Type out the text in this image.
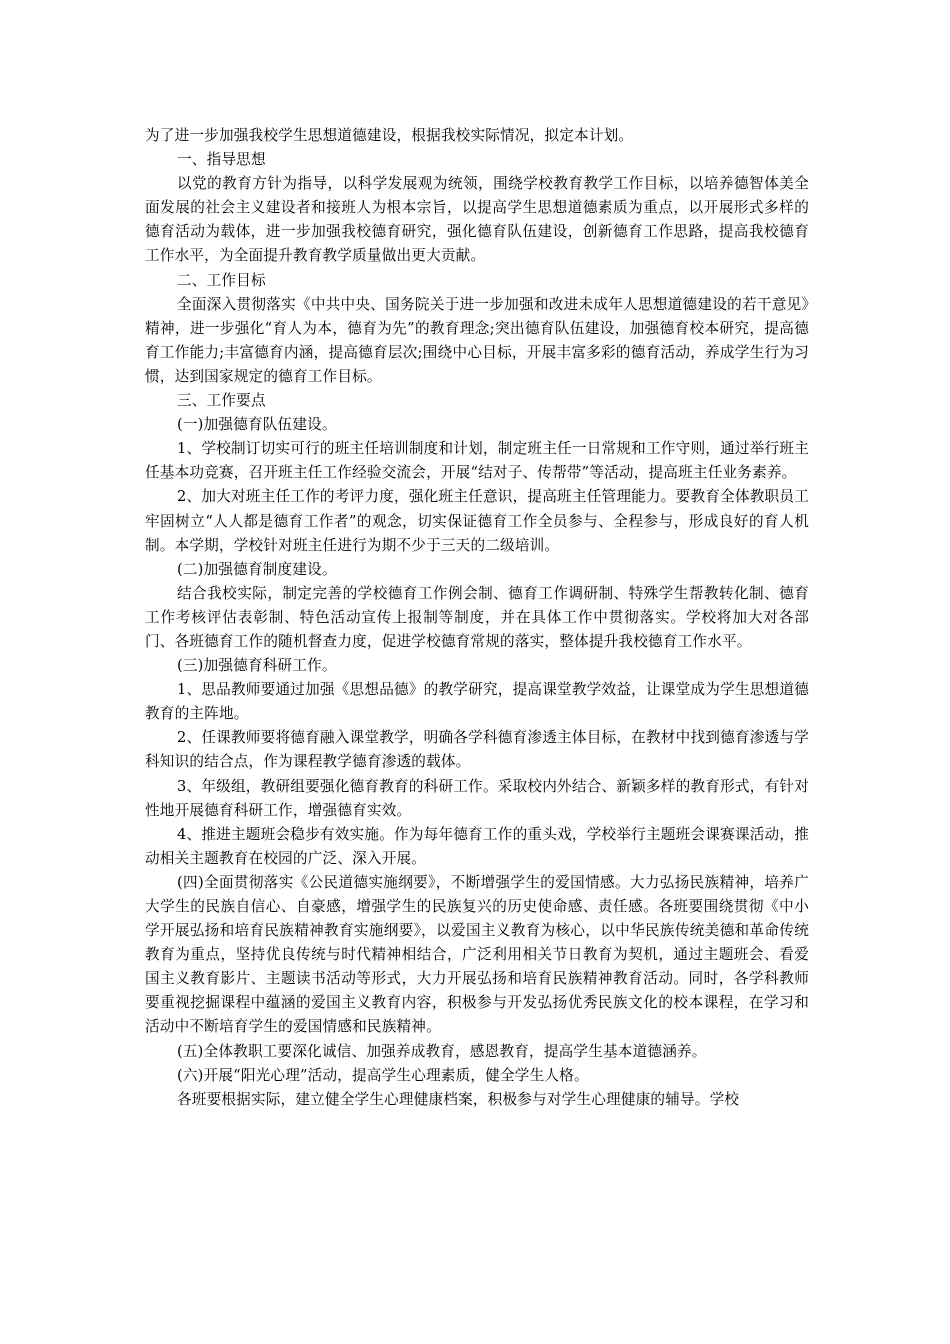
为了进一步加强我校学生思想道德建设，根据我校实际情况，拟定本计划。

一、指导思想

以党的教育方针为指导，以科学发展观为统领，围绕学校教育教学工作目标，以培养德智体美全面发展的社会主义建设者和接班人为根本宗旨，以提高学生思想道德素质为重点，以开展形式多样的德育活动为载体，进一步加强我校德育研究，强化德育队伍建设，创新德育工作思路，提高我校德育工作水平，为全面提升教育教学质量做出更大贡献。

二、工作目标

全面深入贯彻落实《中共中央、国务院关于进一步加强和改进未成年人思想道德建设的若干意见》精神，进一步强化“育人为本，德育为先”的教育理念;突出德育队伍建设，加强德育校本研究，提高德育工作能力;丰富德育内涵，提高德育层次;围绕中心目标，开展丰富多彩的德育活动，养成学生行为习惯，达到国家规定的德育工作目标。

三、工作要点

(一)加强德育队伍建设。

1、学校制订切实可行的班主任培训制度和计划，制定班主任一日常规和工作守则，通过举行班主任基本功竞赛，召开班主任工作经验交流会，开展“结对子、传帮带”等活动，提高班主任业务素养。

2、加大对班主任工作的考评力度，强化班主任意识，提高班主任管理能力。要教育全体教职员工牢固树立“人人都是德育工作者”的观念，切实保证德育工作全员参与、全程参与，形成良好的育人机制。本学期，学校针对班主任进行为期不少于三天的二级培训。

(二)加强德育制度建设。

结合我校实际，制定完善的学校德育工作例会制、德育工作调研制、特殊学生帮教转化制、德育工作考核评估表彰制、特色活动宣传上报制等制度，并在具体工作中贯彻落实。学校将加大对各部门、各班德育工作的随机督查力度，促进学校德育常规的落实，整体提升我校德育工作水平。

(三)加强德育科研工作。

1、思品教师要通过加强《思想品德》的教学研究，提高课堂教学效益，让课堂成为学生思想道德教育的主阵地。

2、任课教师要将德育融入课堂教学，明确各学科德育渗透主体目标，在教材中找到德育渗透与学科知识的结合点，作为课程教学德育渗透的载体。

3、年级组，教研组要强化德育教育的科研工作。采取校内外结合、新颖多样的教育形式，有针对性地开展德育科研工作，增强德育实效。

4、推进主题班会稳步有效实施。作为每年德育工作的重头戏，学校举行主题班会课赛课活动，推动相关主题教育在校园的广泛、深入开展。

(四)全面贯彻落实《公民道德实施纲要》，不断增强学生的爱国情感。大力弘扬民族精神，培养广大学生的民族自信心、自豪感，增强学生的民族复兴的历史使命感、责任感。各班要围绕贯彻《中小学开展弘扬和培育民族精神教育实施纲要》，以爱国主义教育为核心，以中华民族传统美德和革命传统教育为重点，坚持优良传统与时代精神相结合，广泛利用相关节日教育为契机，通过主题班会、看爱国主义教育影片、主题读书活动等形式，大力开展弘扬和培育民族精神教育活动。同时，各学科教师要重视挖掘课程中蕴涵的爱国主义教育内容，积极参与开发弘扬优秀民族文化的校本课程，在学习和活动中不断培育学生的爱国情感和民族精神。

(五)全体教职工要深化诚信、加强养成教育，感恩教育，提高学生基本道德涵养。

(六)开展“阳光心理”活动，提高学生心理素质，健全学生人格。

各班要根据实际，建立健全学生心理健康档案，积极参与对学生心理健康的辅导。学校
